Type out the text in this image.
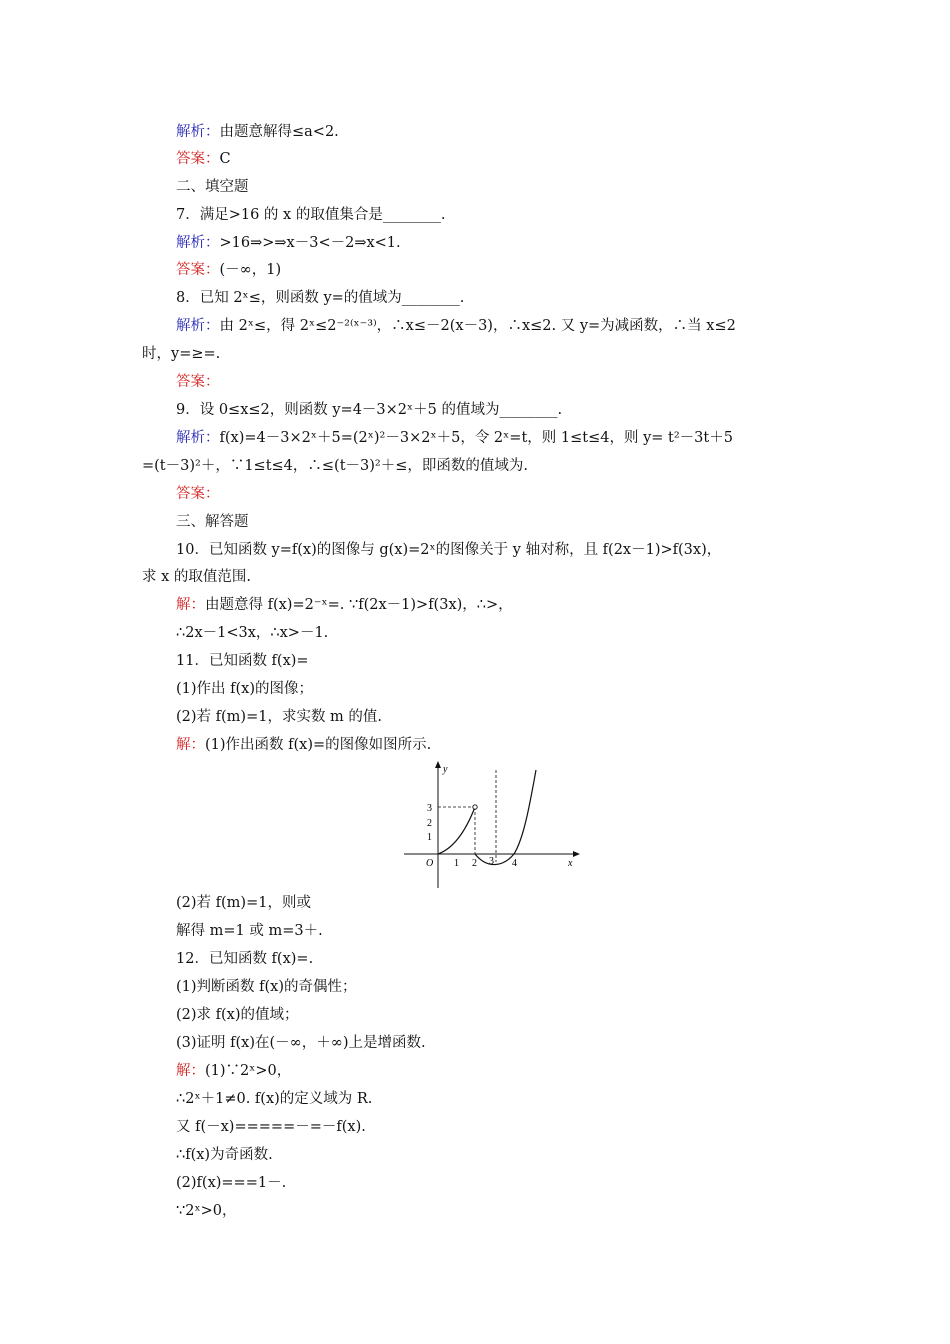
解析：由题意解得≤a<2.
答案：C
二、填空题
7．满足>16 的 x 的取值集合是________.
解析：>16⇒>⇒x－3<－2⇒x<1.
答案：(－∞，1)
8．已知 2ˣ≤，则函数 y=的值域为________.
解析：由 2ˣ≤，得 2ˣ≤2⁻²⁽ˣ⁻³⁾，∴x≤－2(x－3)，∴x≤2. 又 y=为减函数，∴当 x≤2
时，y=≥=.
答案：
9．设 0≤x≤2，则函数 y=4－3×2ˣ＋5 的值域为________.
解析：f(x)=4－3×2ˣ＋5=(2ˣ)²－3×2ˣ＋5，令 2ˣ=t，则 1≤t≤4，则 y= t²－3t＋5
=(t－3)²＋，∵1≤t≤4，∴≤(t－3)²＋≤，即函数的值域为.
答案：
三、解答题
10．已知函数 y=f(x)的图像与 g(x)=2ˣ的图像关于 y 轴对称，且 f(2x－1)>f(3x)，
求 x 的取值范围.
解：由题意得 f(x)=2⁻ˣ=. ∵f(2x－1)>f(3x)，∴>，
∴2x－1<3x，∴x>－1.
11．已知函数 f(x)=
(1)作出 f(x)的图像；
(2)若 f(m)=1，求实数 m 的值.
解：(1)作出函数 f(x)=的图像如图所示.
(2)若 f(m)=1，则或
解得 m=1 或 m=3＋.
12．已知函数 f(x)=.
(1)判断函数 f(x)的奇偶性；
(2)求 f(x)的值域；
(3)证明 f(x)在(－∞，＋∞)上是增函数.
解：(1)∵2ˣ>0，
∴2ˣ＋1≠0. f(x)的定义域为 R.
又 f(－x)=====－=－f(x).
∴f(x)为奇函数.
(2)f(x)===1－.
∵2ˣ>0，
y
x
O 1 2 3 4
1
2
3
